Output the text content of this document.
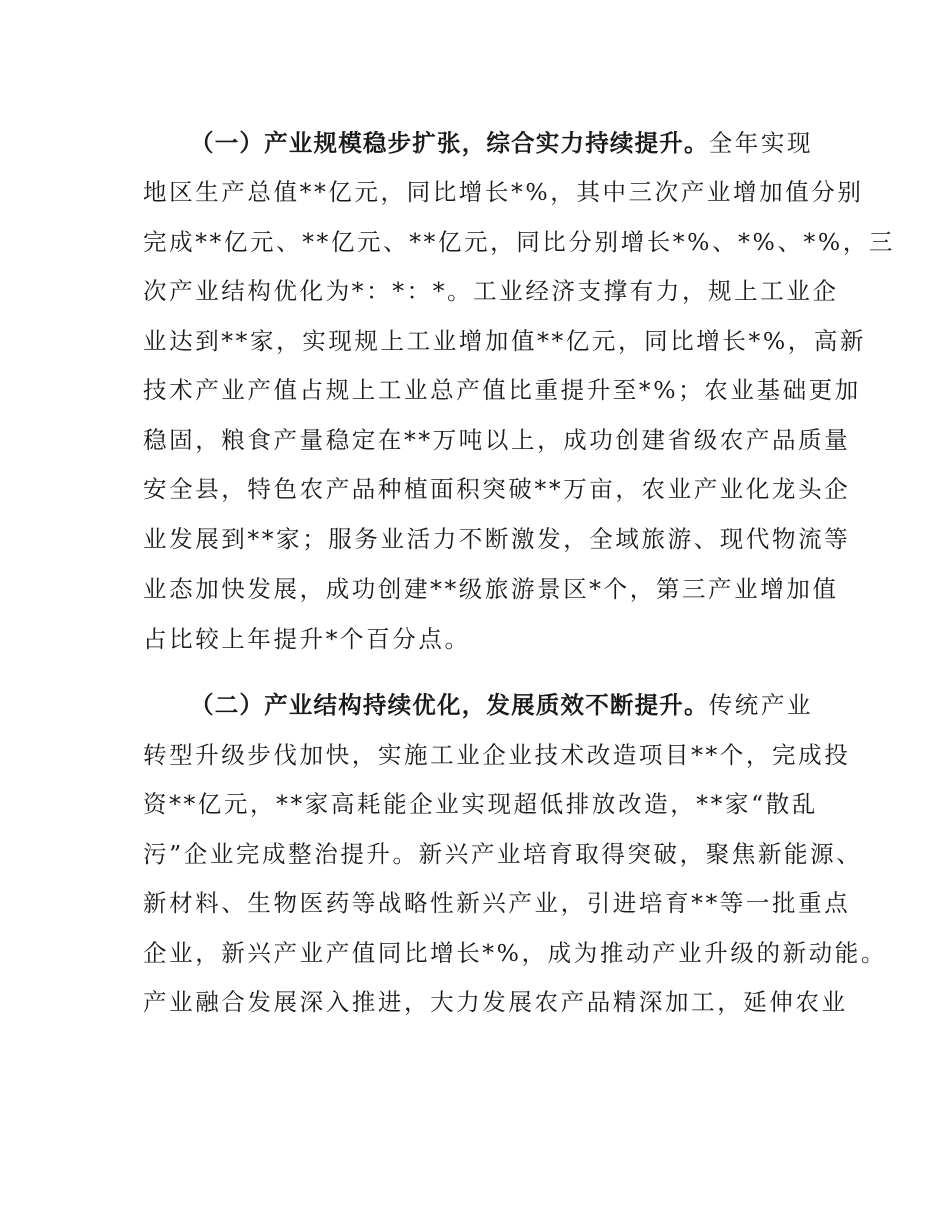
（一）产业规模稳步扩张，综合实力持续提升。全年实现
地区生产总值**亿元，同比增长*%，其中三次产业增加值分别
完成**亿元、**亿元、**亿元，同比分别增长*%、*%、*%，三
次产业结构优化为*：*：*。工业经济支撑有力，规上工业企
业达到**家，实现规上工业增加值**亿元，同比增长*%，高新
技术产业产值占规上工业总产值比重提升至*%；农业基础更加
稳固，粮食产量稳定在**万吨以上，成功创建省级农产品质量
安全县，特色农产品种植面积突破**万亩，农业产业化龙头企
业发展到**家；服务业活力不断激发，全域旅游、现代物流等
业态加快发展，成功创建**级旅游景区*个，第三产业增加值
占比较上年提升*个百分点。
（二）产业结构持续优化，发展质效不断提升。传统产业
转型升级步伐加快，实施工业企业技术改造项目**个，完成投
资**亿元，**家高耗能企业实现超低排放改造，**家“散乱
污”企业完成整治提升。新兴产业培育取得突破，聚焦新能源、
新材料、生物医药等战略性新兴产业，引进培育**等一批重点
企业，新兴产业产值同比增长*%，成为推动产业升级的新动能。
产业融合发展深入推进，大力发展农产品精深加工，延伸农业
